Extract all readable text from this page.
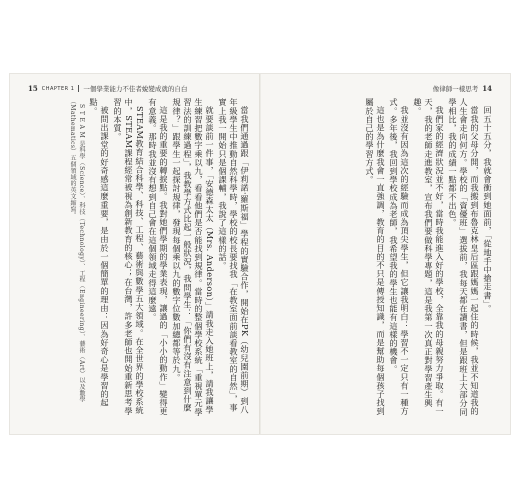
15 CHAPTER 1 一個學業能力不佳者蛻變成就的自白	像律師一樣思考 14

當我們通過跟「伊莉諾·羅斯福」學程的實驗合作，開始在PK（幼兒園前期）到八年級學生中推動自然科學時，學校的校長要找我「在教室面前談看教室的自然」，事實上我一開始只是個課輔，我說了這樣的話。

就要談前一件事，「安德森太太（Mrs. Anderson）」請我走入她班上，請我讓學生練習把數字乘以九，看看他們是否能找到規律。當時的整個學校系統「重視單元學習法的訓練過程」，我教學方式比起一般狀況，我問學生：「你們有沒有注意到什麼規律？」跟學生一起探討規律，發現每個乘以九的數字位數加總都等於九。

這是我的重要的轉捩點。我對她們學期的學業表現，讓過的「小小的動作」變得更有意義。那時我並沒有想到自己會在這個領域走得這麼遠。

STEAM教育結合科學、科技、工程、藝術與數學五大領域。在全世界的學校系統中，STEAM課程經常被視為創新教育的核心；在台灣，許多老師也開始重新思考學習的本質。

被問出課堂的好奇感這麼重要，是由於一個簡單的理由：因為好奇心是學習的起點。

S T E A M 是科學（Science）、科技（Technology）、工程（Engineering）、藝術（Art）以及數學（Mathematics）五個領域的英文縮寫。	回五十五分，我就會衝到她面前，「從地手中搶走書」。

當我的父母分開，而我搬到布魯克林皇后區跟媽媽一起住的時候，我並不知道我的人生會走向何方。學校的「資優班」選拔前，我每天都在讀書，但是跟班上大部分同學相比，我的成績一點都不出色。

我們家的經濟狀況並不好，當時我能進入好的學校，全靠我的母親努力爭取。有一天，我的老師走進教室，宣布我們要做科學專題，這是我第一次真正對學習產生興趣。

我並沒有因為這次的經驗而成為頂尖學生，但它讓我明白：學習不一定只有一種方式。多年後，我回到學校成為老師，我希望我的學生也能有這樣的機會。

這也是為什麼我會一直強調，教育的目的不只是傳授知識，而是幫助每個孩子找到屬於自己的學習方式。
